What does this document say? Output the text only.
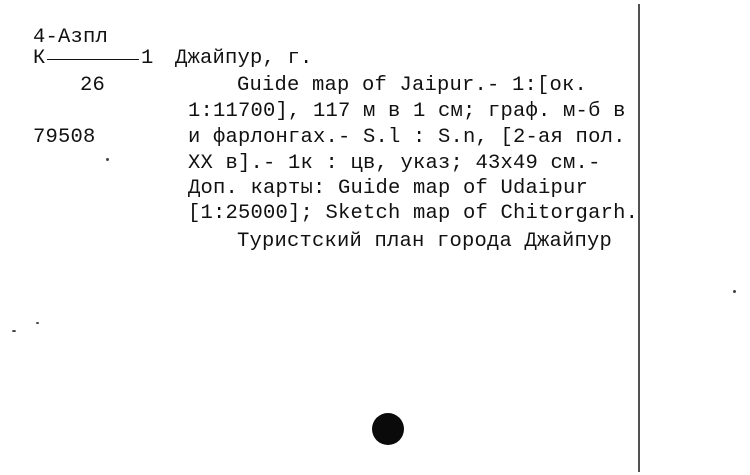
4-Азпл
К	1 Джайпур, г.
26
79508
Guide map of Jaipur.- 1:[ок.
1:11700], 117 м в 1 см; граф. м-б в
и фарлонгах.- S.l : S.n, [2-ая пол.
XX в].- 1к : цв, указ; 43x49 см.-
Доп. карты: Guide map of Udaipur
[1:25000]; Sketch map of Chitorgarh.
Туристский план города Джайпур
